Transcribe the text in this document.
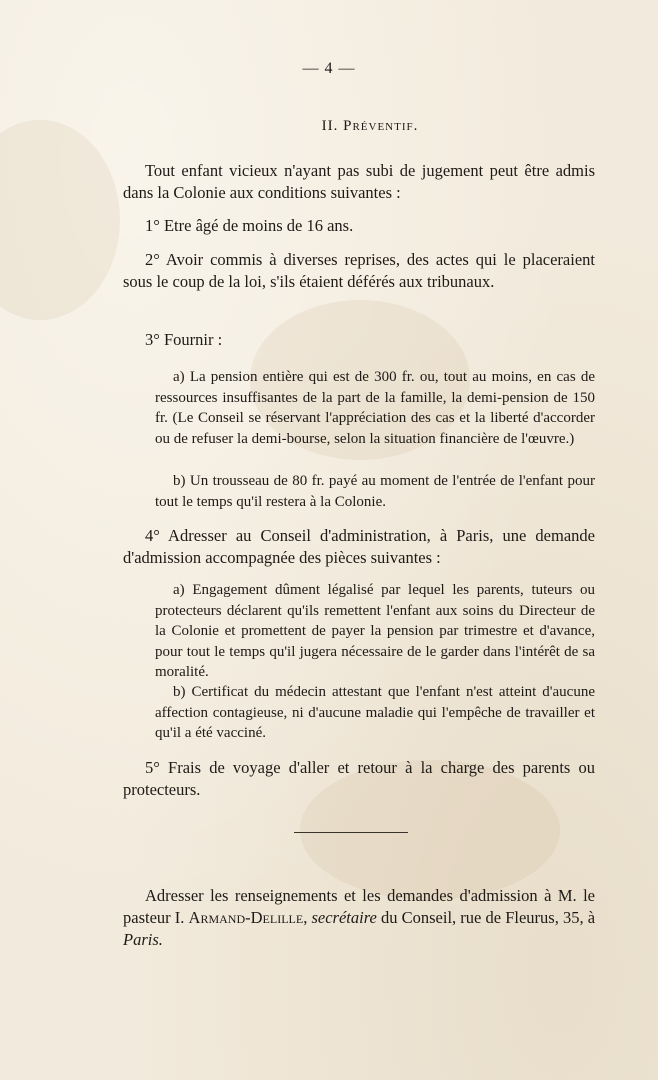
— 4 —
II. Préventif.
Tout enfant vicieux n'ayant pas subi de jugement peut être admis dans la Colonie aux conditions suivantes :
1° Etre âgé de moins de 16 ans.
2° Avoir commis à diverses reprises, des actes qui le placeraient sous le coup de la loi, s'ils étaient déférés aux tribunaux.
3° Fournir :
a) La pension entière qui est de 300 fr. ou, tout au moins, en cas de ressources insuffisantes de la part de la famille, la demi-pension de 150 fr. (Le Conseil se réservant l'appréciation des cas et la liberté d'accorder ou de refuser la demi-bourse, selon la situation financière de l'œuvre.)
b) Un trousseau de 80 fr. payé au moment de l'entrée de l'enfant pour tout le temps qu'il restera à la Colonie.
4° Adresser au Conseil d'administration, à Paris, une demande d'admission accompagnée des pièces suivantes :
a) Engagement dûment légalisé par lequel les parents, tuteurs ou protecteurs déclarent qu'ils remettent l'enfant aux soins du Directeur de la Colonie et promettent de payer la pension par trimestre et d'avance, pour tout le temps qu'il jugera nécessaire de le garder dans l'intérêt de sa moralité.
b) Certificat du médecin attestant que l'enfant n'est atteint d'aucune affection contagieuse, ni d'aucune maladie qui l'empêche de travailler et qu'il a été vacciné.
5° Frais de voyage d'aller et retour à la charge des parents ou protecteurs.
Adresser les renseignements et les demandes d'admission à M. le pasteur I. Armand-Delille, secrétaire du Conseil, rue de Fleurus, 35, à Paris.
